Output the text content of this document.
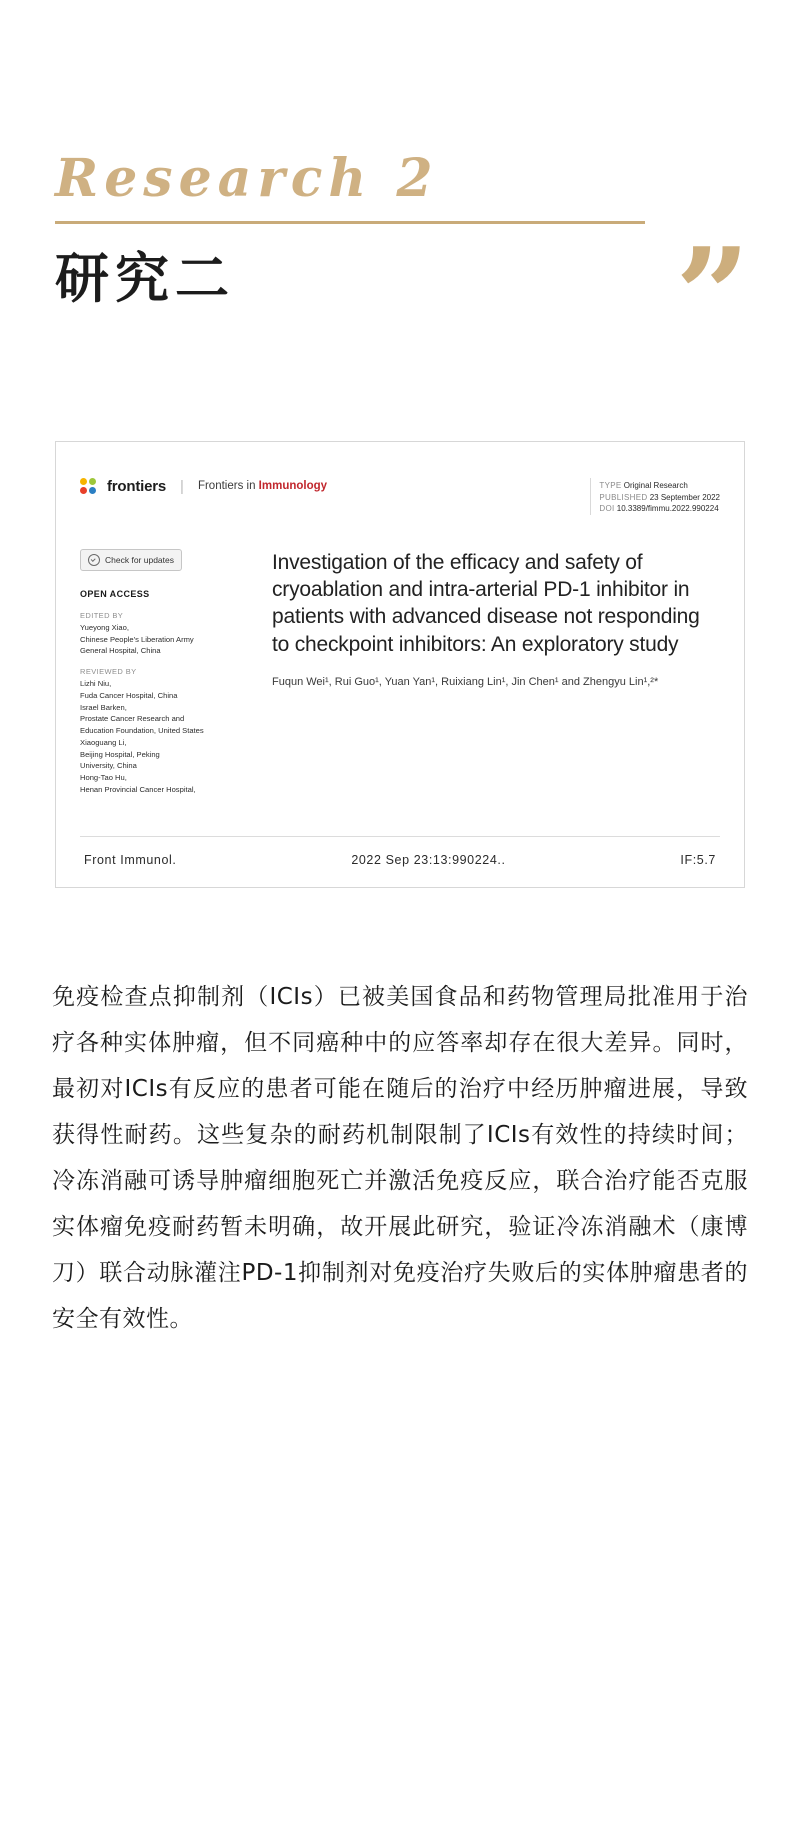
Research 2
研究二	”
frontiers | Frontiers in Immunology	TYPE Original Research
PUBLISHED 23 September 2022
DOI 10.3389/fimmu.2022.990224
Check for updates
OPEN ACCESS
EDITED BY
Yueyong Xiao,
Chinese People's Liberation Army
General Hospital, China
REVIEWED BY
Lizhi Niu,
Fuda Cancer Hospital, China
Israel Barken,
Prostate Cancer Research and
Education Foundation, United States
Xiaoguang Li,
Beijing Hospital, Peking
University, China
Hong-Tao Hu,
Henan Provincial Cancer Hospital,
Investigation of the efficacy and safety of cryoablation and intra-arterial PD-1 inhibitor in patients with advanced disease not responding to checkpoint inhibitors: An exploratory study
Fuqun Wei¹, Rui Guo¹, Yuan Yan¹, Ruixiang Lin¹, Jin Chen¹ and Zhengyu Lin¹,²*
Front Immunol.	2022 Sep 23:13:990224..	IF:5.7
免疫检查点抑制剂（ICIs）已被美国食品和药物管理局批准用于治疗各种实体肿瘤，但不同癌种中的应答率却存在很大差异。同时，最初对ICIs有反应的患者可能在随后的治疗中经历肿瘤进展，导致获得性耐药。这些复杂的耐药机制限制了ICIs有效性的持续时间；冷冻消融可诱导肿瘤细胞死亡并激活免疫反应，联合治疗能否克服实体瘤免疫耐药暂未明确，故开展此研究，验证冷冻消融术（康博刀）联合动脉灌注PD-1抑制剂对免疫治疗失败后的实体肿瘤患者的安全有效性。
